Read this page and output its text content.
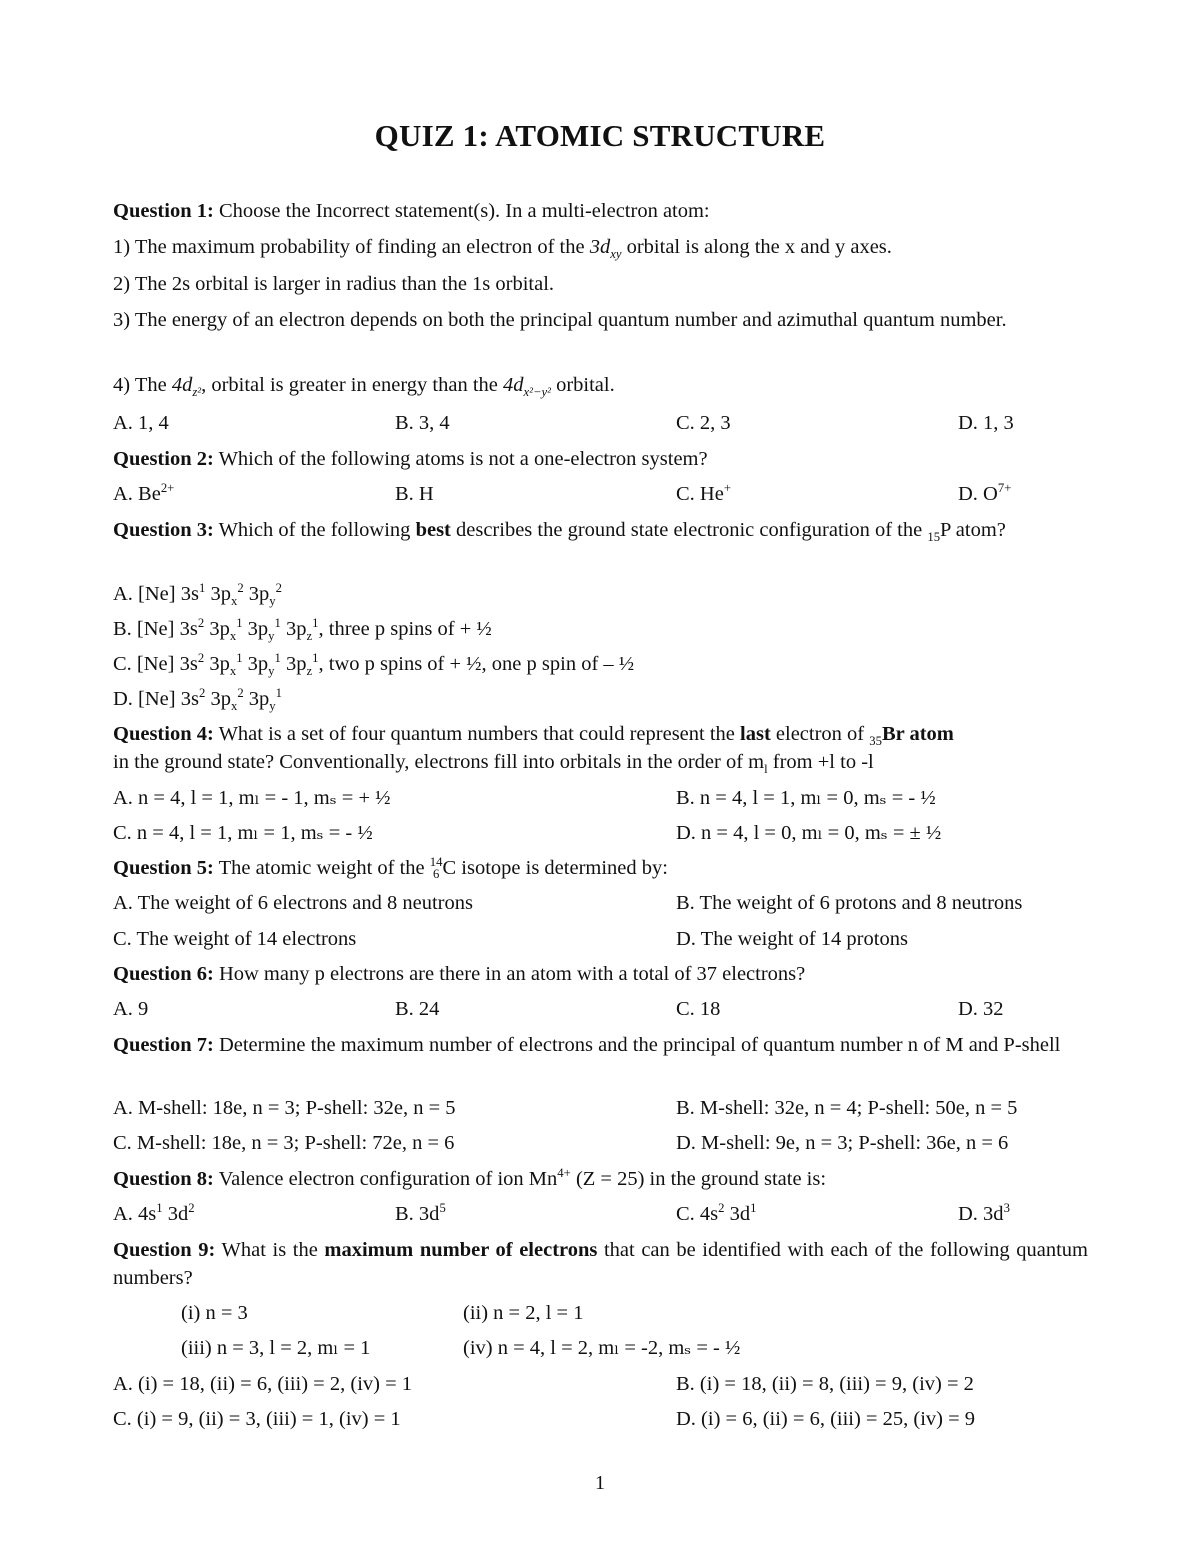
QUIZ 1: ATOMIC STRUCTURE
Question 1: Choose the Incorrect statement(s). In a multi-electron atom:
1) The maximum probability of finding an electron of the $3d_{xy}$ orbital is along the x and y axes.
2) The 2s orbital is larger in radius than the 1s orbital.
3) The energy of an electron depends on both the principal quantum number and azimuthal quantum number.
4) The $4d_{z^2}$, orbital is greater in energy than the $4d_{x^2-y^2}$ orbital.
A. 1, 4	B. 3, 4	C. 2, 3	D. 1, 3
Question 2: Which of the following atoms is not a one-electron system?
A. $Be^{2+}$	B. H	C. He+	D. $O^{7+}$
Question 3: Which of the following best describes the ground state electronic configuration of the $_{15}$P atom?
A. [Ne] $3s^1$ $3p_x^2$ $3p_y^2$
B. [Ne] $3s^2$ $3p_x^1$ $3p_y^1$ $3p_z^1$, three p spins of + ½
C. [Ne] $3s^2$ $3p_x^1$ $3p_y^1$ $3p_z^1$, two p spins of + ½, one p spin of – ½
D. [Ne] $3s^2$ $3p_x^2$ $3p_y^1$
Question 4: What is a set of four quantum numbers that could represent the last electron of $_{35}$Br atom
in the ground state? Conventionally, electrons fill into orbitals in the order of $m_l$ from +l to -l
A. n = 4, l = 1, mₗ = - 1, mₛ = + ½	B. n = 4, l = 1, mₗ = 0, mₛ = - ½
C. n = 4, l = 1, mₗ = 1, mₛ = - ½	D. n = 4, l = 0, mₗ = 0, mₛ = ± ½
Question 5: The atomic weight of the 14
6 C isotope is determined by:
A. The weight of 6 electrons and 8 neutrons	B. The weight of 6 protons and 8 neutrons
C. The weight of 14 electrons	D. The weight of 14 protons
Question 6: How many p electrons are there in an atom with a total of 37 electrons?
A. 9	B. 24	C. 18	D. 32
Question 7: Determine the maximum number of electrons and the principal of quantum number n of M and P-shell
A. M-shell: 18e, n = 3; P-shell: 32e, n = 5	B. M-shell: 32e, n = 4; P-shell: 50e, n = 5
C. M-shell: 18e, n = 3; P-shell: 72e, n = 6	D. M-shell: 9e, n = 3; P-shell: 36e, n = 6
Question 8: Valence electron configuration of ion $Mn^{4+}$ (Z = 25) in the ground state is:
A. $4s^1$ $3d^2$	B. $3d^5$	C. $4s^2$ $3d^1$	D. $3d^3$
Question 9: What is the maximum number of electrons that can be identified with each of the following quantum numbers?
(i) n = 3	(ii) n = 2, l = 1
(iii) n = 3, l = 2, mₗ = 1	(iv) n = 4, l = 2, mₗ = -2, mₛ = - ½
A. (i) = 18, (ii) = 6, (iii) = 2, (iv) = 1	B. (i) = 18, (ii) = 8, (iii) = 9, (iv) = 2
C. (i) = 9, (ii) = 3, (iii) = 1, (iv) = 1	D. (i) = 6, (ii) = 6, (iii) = 25, (iv) = 9
1
